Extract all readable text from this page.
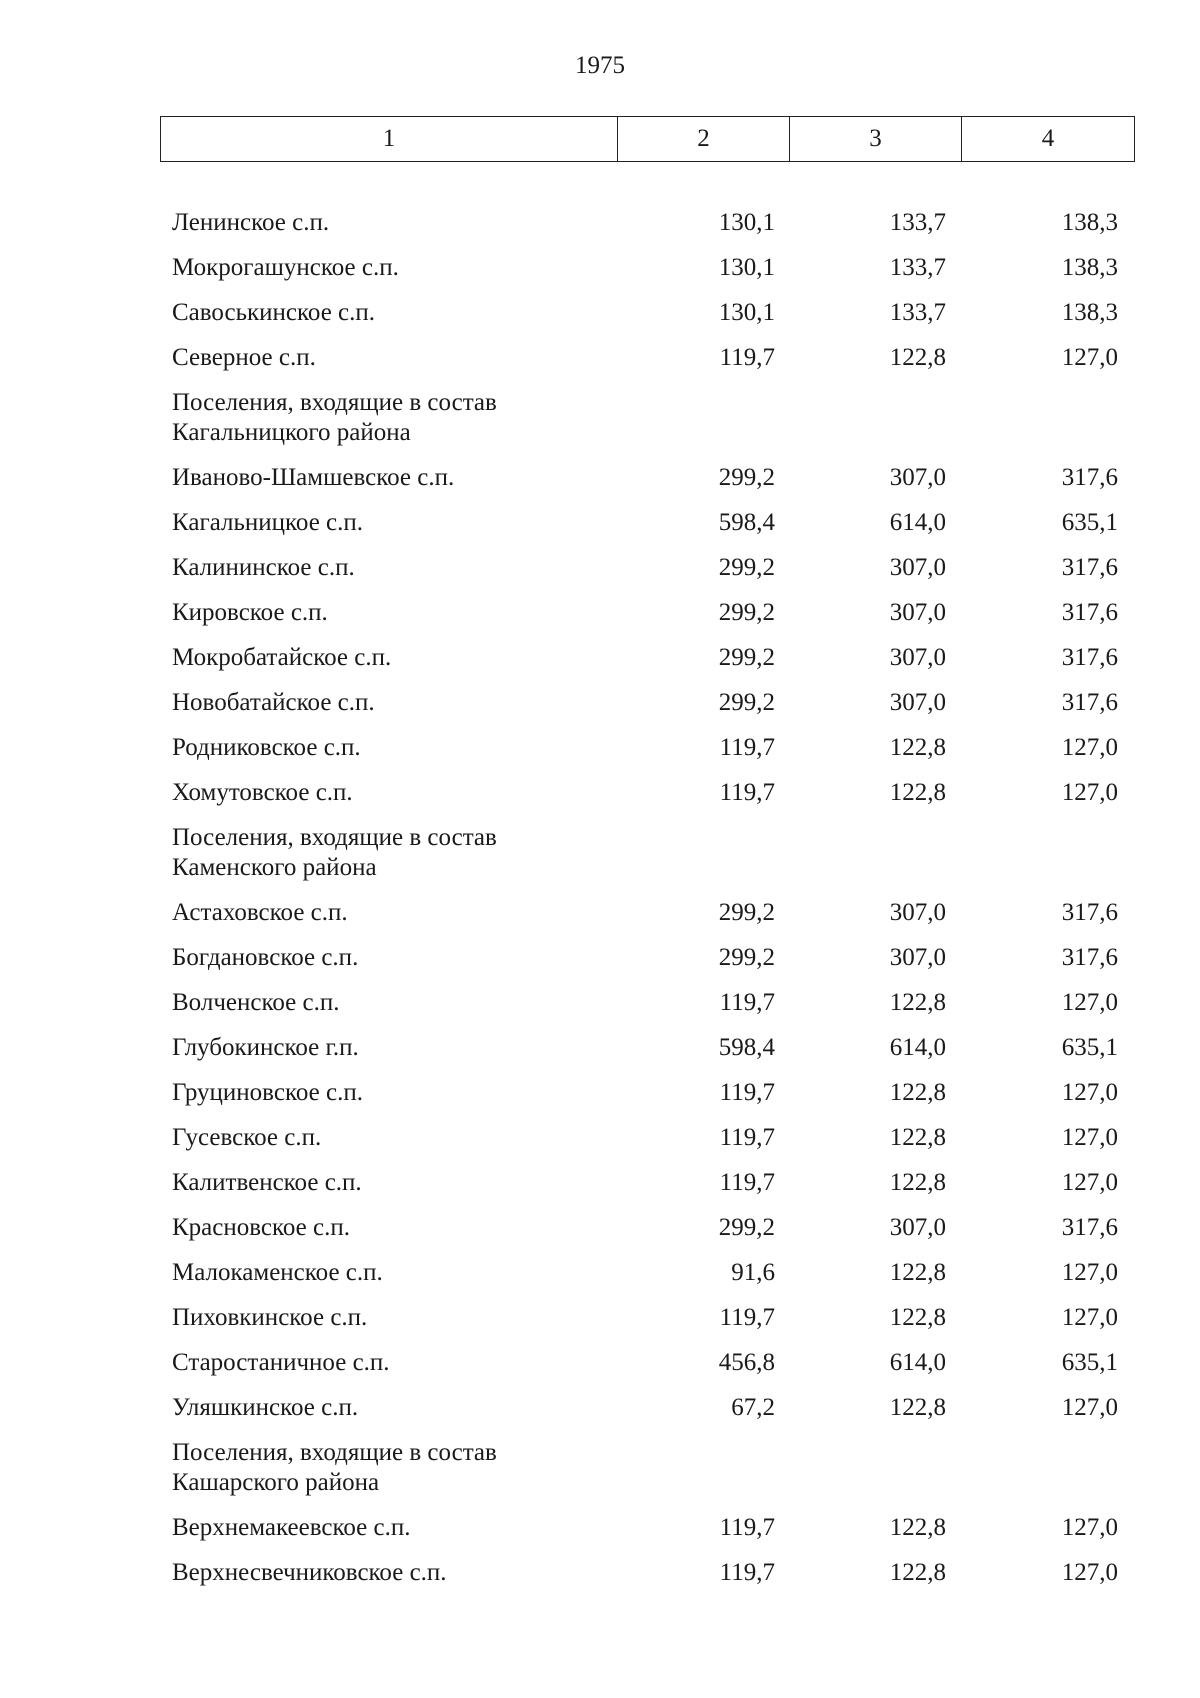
1975
1	2	3	4
Ленинское с.п.	130,1	133,7	138,3
Мокрогашунское с.п.	130,1	133,7	138,3
Савоськинское с.п.	130,1	133,7	138,3
Северное с.п.	119,7	122,8	127,0
Поселения, входящие в состав
Кагальницкого района
Иваново-Шамшевское с.п.	299,2	307,0	317,6
Кагальницкое с.п.	598,4	614,0	635,1
Калининское с.п.	299,2	307,0	317,6
Кировское с.п.	299,2	307,0	317,6
Мокробатайское с.п.	299,2	307,0	317,6
Новобатайское с.п.	299,2	307,0	317,6
Родниковское с.п.	119,7	122,8	127,0
Хомутовское с.п.	119,7	122,8	127,0
Поселения, входящие в состав
Каменского района
Астаховское с.п.	299,2	307,0	317,6
Богдановское с.п.	299,2	307,0	317,6
Волченское с.п.	119,7	122,8	127,0
Глубокинское г.п.	598,4	614,0	635,1
Груциновское с.п.	119,7	122,8	127,0
Гусевское с.п.	119,7	122,8	127,0
Калитвенское с.п.	119,7	122,8	127,0
Красновское с.п.	299,2	307,0	317,6
Малокаменское с.п.	91,6	122,8	127,0
Пиховкинское с.п.	119,7	122,8	127,0
Старостаничное с.п.	456,8	614,0	635,1
Уляшкинское с.п.	67,2	122,8	127,0
Поселения, входящие в состав
Кашарского района
Верхнемакеевское с.п.	119,7	122,8	127,0
Верхнесвечниковское с.п.	119,7	122,8	127,0
